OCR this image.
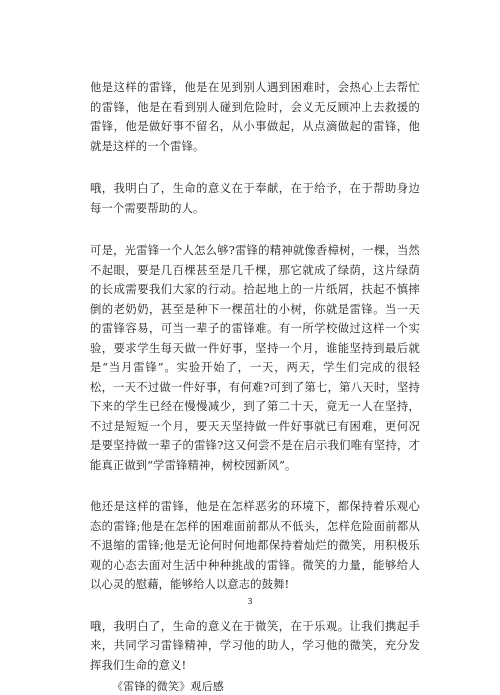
他是这样的雷锋，他是在见到别人遇到困难时，会热心上去帮忙的雷锋，他是在看到别人碰到危险时，会义无反顾冲上去救援的雷锋，他是做好事不留名，从小事做起，从点滴做起的雷锋，他就是这样的一个雷锋。

哦，我明白了，生命的意义在于奉献，在于给予，在于帮助身边每一个需要帮助的人。

可是，光雷锋一个人怎么够?雷锋的精神就像香樟树，一棵，当然不起眼，要是几百棵甚至是几千棵，那它就成了绿荫，这片绿荫的长成需要我们大家的行动。拾起地上的一片纸屑，扶起不慎摔倒的老奶奶，甚至是种下一棵茁壮的小树，你就是雷锋。当一天的雷锋容易，可当一辈子的雷锋难。有一所学校做过这样一个实验，要求学生每天做一件好事，坚持一个月，谁能坚持到最后就是“当月雷锋”。实验开始了，一天，两天，学生们完成的很轻松，一天不过做一件好事，有何难?可到了第七，第八天时，坚持下来的学生已经在慢慢减少，到了第二十天，竟无一人在坚持，不过是短短一个月，要天天坚持做一件好事就已有困难，更何况是要坚持做一辈子的雷锋?这又何尝不是在启示我们唯有坚持，才能真正做到“学雷锋精神，树校园新风”。

他还是这样的雷锋，他是在怎样恶劣的环境下，都保持着乐观心态的雷锋;他是在怎样的困难面前都从不低头，怎样危险面前都从不退缩的雷锋;他是无论何时何地都保持着灿烂的微笑，用积极乐观的心态去面对生活中种种挑战的雷锋。微笑的力量，能够给人以心灵的慰藉，能够给人以意志的鼓舞!

哦，我明白了，生命的意义在于微笑，在于乐观。让我们携起手来，共同学习雷锋精神，学习他的助人，学习他的微笑，充分发挥我们生命的意义!

《雷锋的微笑》观后感

3
